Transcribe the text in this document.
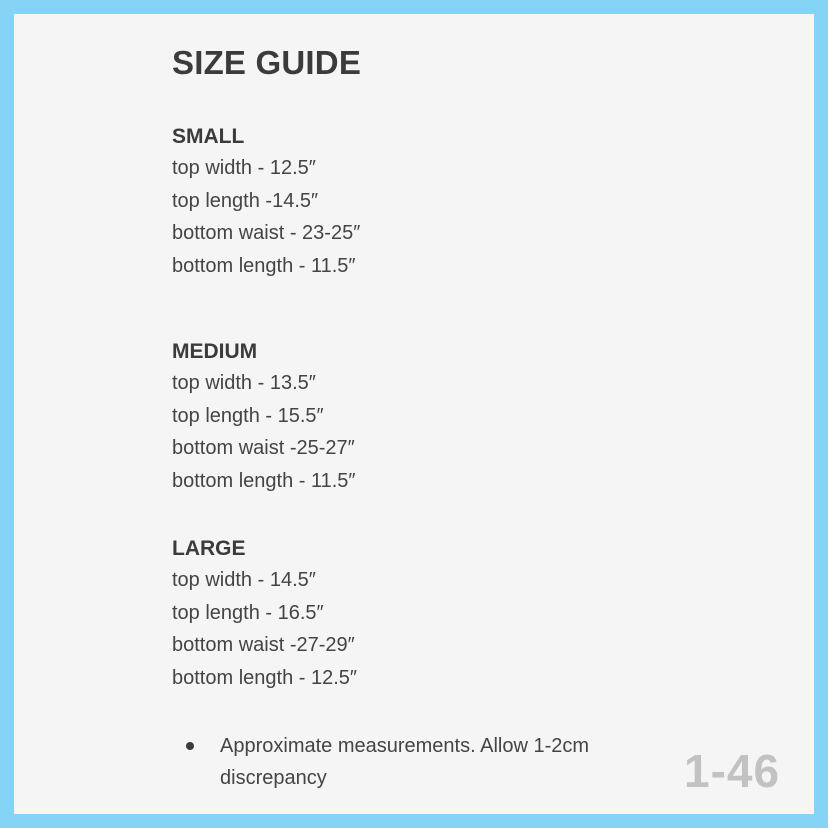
SIZE GUIDE
SMALL
top width - 12.5″
top length -14.5″
bottom waist - 23-25″
bottom length - 11.5″
MEDIUM
top width - 13.5″
top length - 15.5″
bottom waist -25-27″
bottom length - 11.5″
LARGE
top width - 14.5″
top length - 16.5″
bottom waist -27-29″
bottom length - 12.5″
Approximate measurements. Allow 1-2cm discrepancy	1-46
